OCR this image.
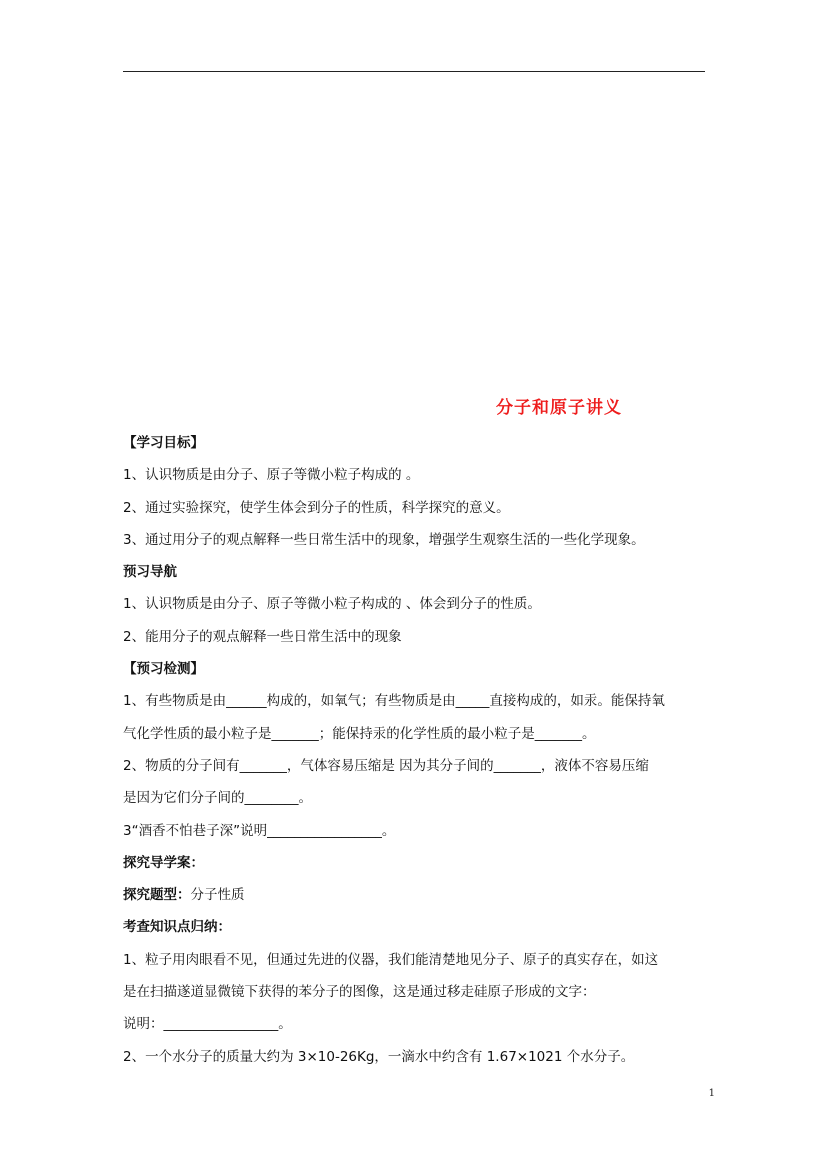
分子和原子讲义
【学习目标】
1、认识物质是由分子、原子等微小粒子构成的 。
2、通过实验探究，使学生体会到分子的性质，科学探究的意义。
3、通过用分子的观点解释一些日常生活中的现象，增强学生观察生活的一些化学现象。
预习导航
1、认识物质是由分子、原子等微小粒子构成的 、体会到分子的性质。
2、能用分子的观点解释一些日常生活中的现象
【预习检测】
1、有些物质是由______构成的，如氧气；有些物质是由_____直接构成的，如汞。能保持氧
气化学性质的最小粒子是_______；能保持汞的化学性质的最小粒子是_______。
2、物质的分子间有_______，气体容易压缩是 因为其分子间的_______，液体不容易压缩
是因为它们分子间的________。
3“酒香不怕巷子深”说明_________________。
探究导学案：
探究题型：分子性质
考查知识点归纳：
1、粒子用肉眼看不见，但通过先进的仪器，我们能清楚地见分子、原子的真实存在，如这
是在扫描遂道显微镜下获得的苯分子的图像，这是通过移走硅原子形成的文字：
说明：_________________。
2、一个水分子的质量大约为 3×10-26Kg，一滴水中约含有 1.67×1021 个水分子。
1
